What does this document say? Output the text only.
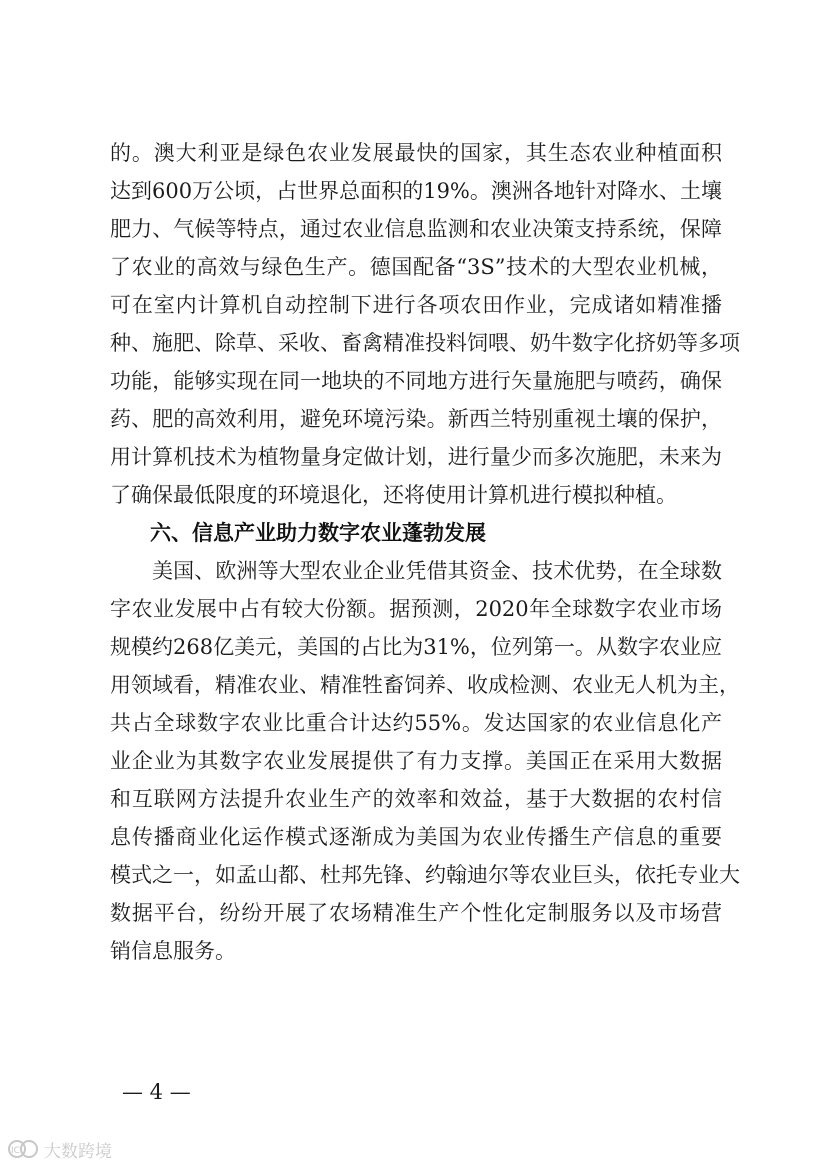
的。澳大利亚是绿色农业发展最快的国家，其生态农业种植面积
达到600万公顷，占世界总面积的19%。澳洲各地针对降水、土壤
肥力、气候等特点，通过农业信息监测和农业决策支持系统，保障
了农业的高效与绿色生产。德国配备“3S”技术的大型农业机械，
可在室内计算机自动控制下进行各项农田作业，完成诸如精准播
种、施肥、除草、采收、畜禽精准投料饲喂、奶牛数字化挤奶等多项
功能，能够实现在同一地块的不同地方进行矢量施肥与喷药，确保
药、肥的高效利用，避免环境污染。新西兰特别重视土壤的保护，
用计算机技术为植物量身定做计划，进行量少而多次施肥，未来为
了确保最低限度的环境退化，还将使用计算机进行模拟种植。
六、信息产业助力数字农业蓬勃发展
美国、欧洲等大型农业企业凭借其资金、技术优势，在全球数
字农业发展中占有较大份额。据预测，2020年全球数字农业市场
规模约268亿美元，美国的占比为31%，位列第一。从数字农业应
用领域看，精准农业、精准牲畜饲养、收成检测、农业无人机为主，
共占全球数字农业比重合计达约55%。发达国家的农业信息化产
业企业为其数字农业发展提供了有力支撑。美国正在采用大数据
和互联网方法提升农业生产的效率和效益，基于大数据的农村信
息传播商业化运作模式逐渐成为美国为农业传播生产信息的重要
模式之一，如孟山都、杜邦先锋、约翰迪尔等农业巨头，依托专业大
数据平台，纷纷开展了农场精准生产个性化定制服务以及市场营
销信息服务。
— 4 —
IC 大数跨境
